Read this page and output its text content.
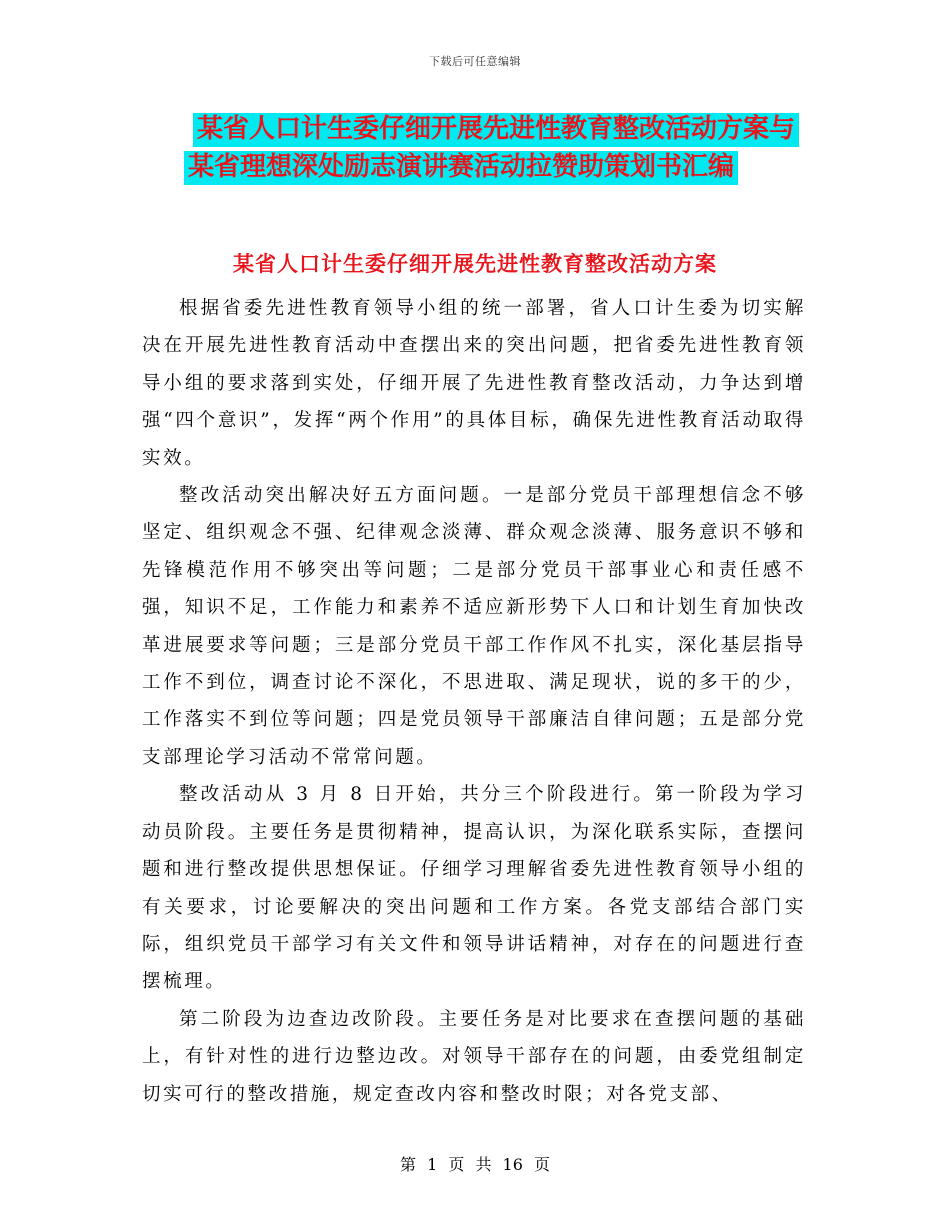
下载后可任意编辑
某省人口计生委仔细开展先进性教育整改活动方案与
某省理想深处励志演讲赛活动拉赞助策划书汇编
某省人口计生委仔细开展先进性教育整改活动方案

根据省委先进性教育领导小组的统一部署，省人口计生委为切实解决在开展先进性教育活动中查摆出来的突出问题，把省委先进性教育领导小组的要求落到实处，仔细开展了先进性教育整改活动，力争达到增强“四个意识”，发挥“两个作用”的具体目标，确保先进性教育活动取得实效。

整改活动突出解决好五方面问题。一是部分党员干部理想信念不够坚定、组织观念不强、纪律观念淡薄、群众观念淡薄、服务意识不够和先锋模范作用不够突出等问题；二是部分党员干部事业心和责任感不强，知识不足，工作能力和素养不适应新形势下人口和计划生育加快改革进展要求等问题；三是部分党员干部工作作风不扎实，深化基层指导工作不到位，调查讨论不深化，不思进取、满足现状，说的多干的少，工作落实不到位等问题；四是党员领导干部廉洁自律问题；五是部分党支部理论学习活动不常常问题。

整改活动从 3 月 8 日开始，共分三个阶段进行。第一阶段为学习动员阶段。主要任务是贯彻精神，提高认识，为深化联系实际，查摆问题和进行整改提供思想保证。仔细学习理解省委先进性教育领导小组的有关要求，讨论要解决的突出问题和工作方案。各党支部结合部门实际，组织党员干部学习有关文件和领导讲话精神，对存在的问题进行查摆梳理。

第二阶段为边查边改阶段。主要任务是对比要求在查摆问题的基础上，有针对性的进行边整边改。对领导干部存在的问题，由委党组制定切实可行的整改措施，规定查改内容和整改时限；对各党支部、

第 1 页 共 16 页
